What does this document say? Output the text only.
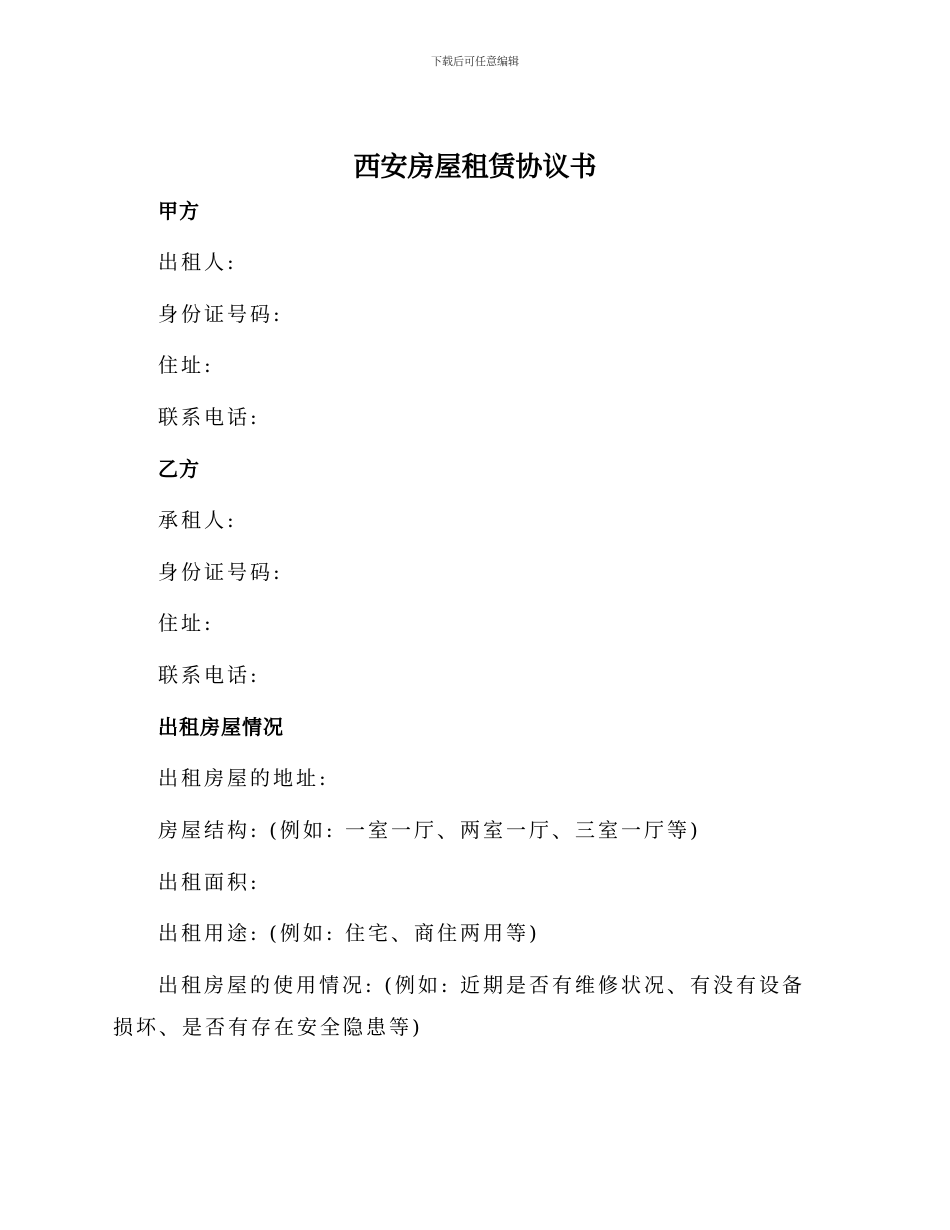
下载后可任意编辑
西安房屋租赁协议书

甲方

出租人:

身份证号码:

住址:

联系电话:

乙方

承租人:

身份证号码:

住址:

联系电话:

出租房屋情况

出租房屋的地址:

房屋结构: (例如: 一室一厅、两室一厅、三室一厅等)

出租面积:

出租用途: (例如: 住宅、商住两用等)

出租房屋的使用情况: (例如: 近期是否有维修状况、有没有设备损坏、是否有存在安全隐患等)
